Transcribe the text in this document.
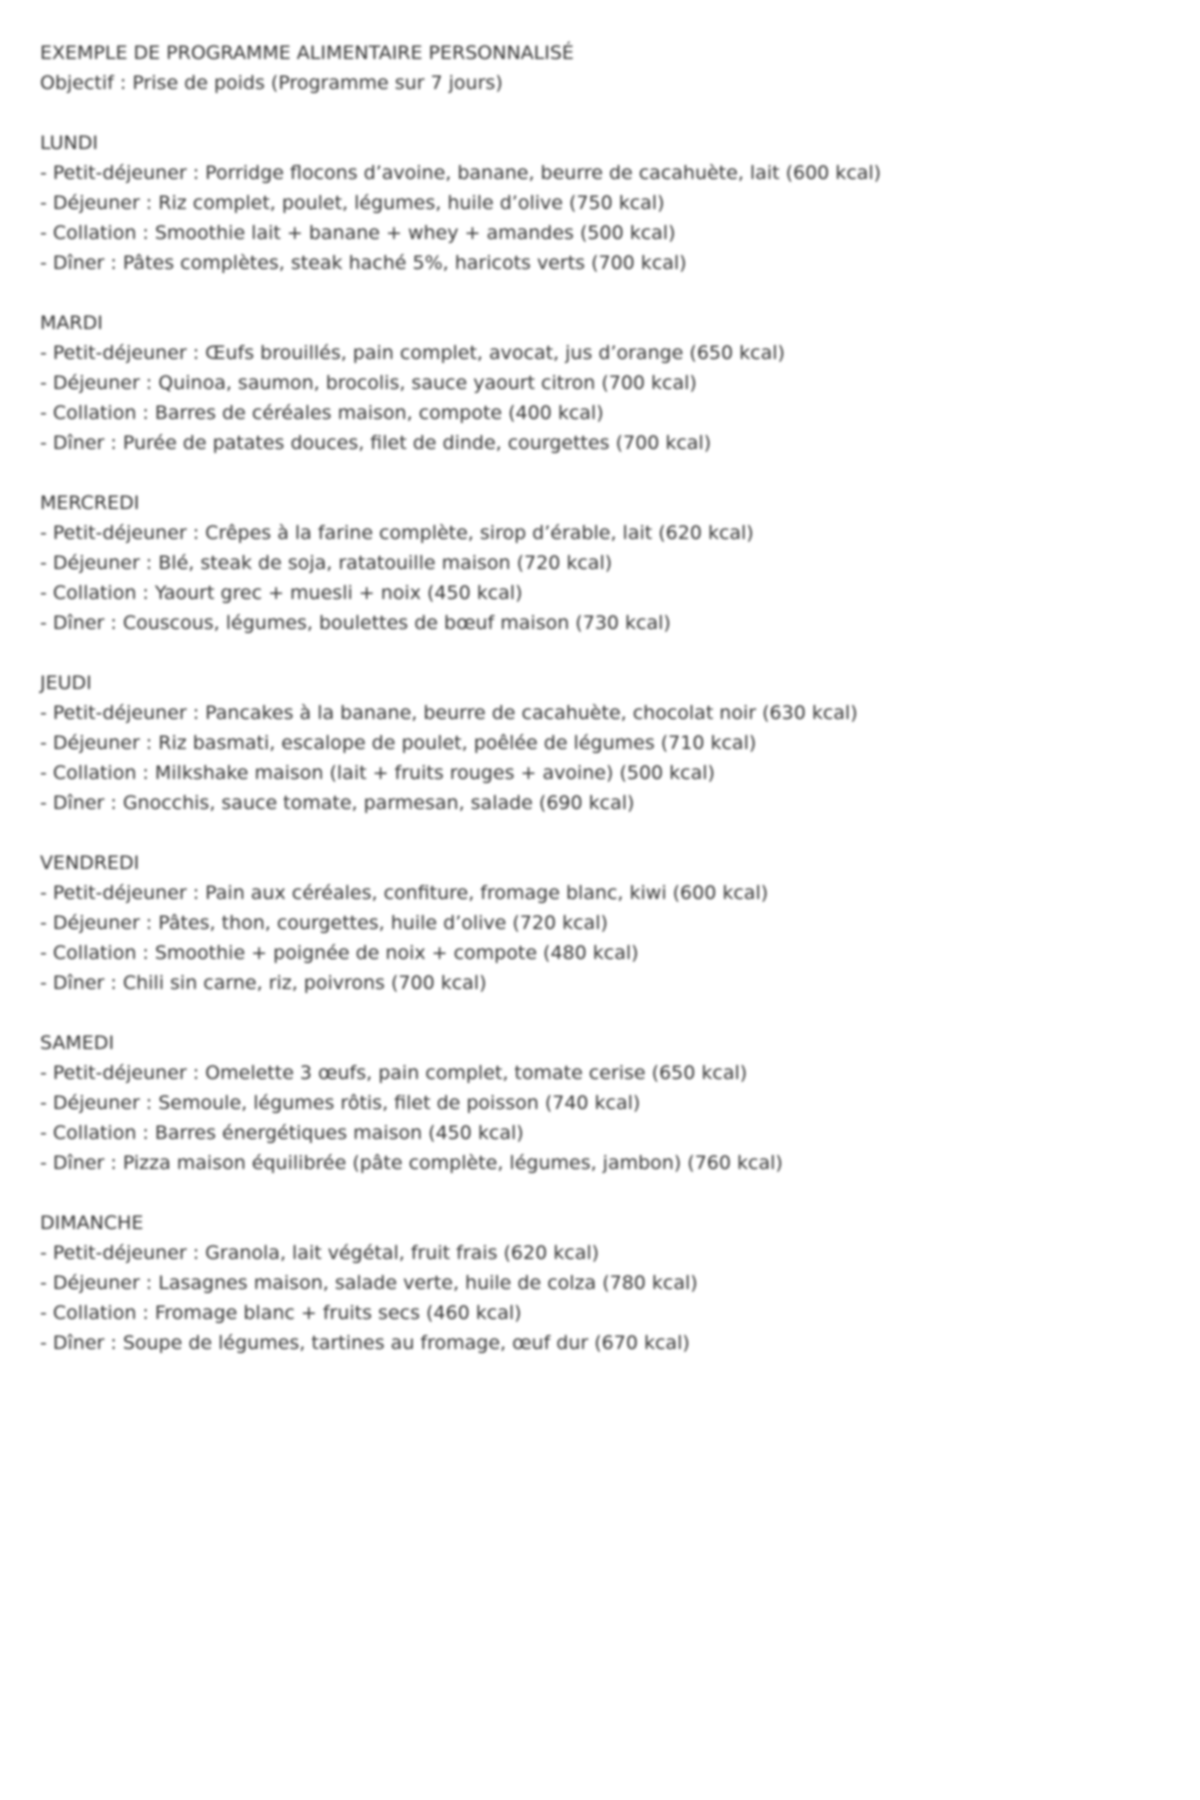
EXEMPLE DE PROGRAMME ALIMENTAIRE PERSONNALISÉ
Objectif : Prise de poids (Programme sur 7 jours)
LUNDI
- Petit-déjeuner : Porridge flocons d’avoine, banane, beurre de cacahuète, lait (600 kcal)
- Déjeuner : Riz complet, poulet, légumes, huile d’olive (750 kcal)
- Collation : Smoothie lait + banane + whey + amandes (500 kcal)
- Dîner : Pâtes complètes, steak haché 5%, haricots verts (700 kcal)
MARDI
- Petit-déjeuner : Œufs brouillés, pain complet, avocat, jus d’orange (650 kcal)
- Déjeuner : Quinoa, saumon, brocolis, sauce yaourt citron (700 kcal)
- Collation : Barres de céréales maison, compote (400 kcal)
- Dîner : Purée de patates douces, filet de dinde, courgettes (700 kcal)
MERCREDI
- Petit-déjeuner : Crêpes à la farine complète, sirop d’érable, lait (620 kcal)
- Déjeuner : Blé, steak de soja, ratatouille maison (720 kcal)
- Collation : Yaourt grec + muesli + noix (450 kcal)
- Dîner : Couscous, légumes, boulettes de bœuf maison (730 kcal)
JEUDI
- Petit-déjeuner : Pancakes à la banane, beurre de cacahuète, chocolat noir (630 kcal)
- Déjeuner : Riz basmati, escalope de poulet, poêlée de légumes (710 kcal)
- Collation : Milkshake maison (lait + fruits rouges + avoine) (500 kcal)
- Dîner : Gnocchis, sauce tomate, parmesan, salade (690 kcal)
VENDREDI
- Petit-déjeuner : Pain aux céréales, confiture, fromage blanc, kiwi (600 kcal)
- Déjeuner : Pâtes, thon, courgettes, huile d’olive (720 kcal)
- Collation : Smoothie + poignée de noix + compote (480 kcal)
- Dîner : Chili sin carne, riz, poivrons (700 kcal)
SAMEDI
- Petit-déjeuner : Omelette 3 œufs, pain complet, tomate cerise (650 kcal)
- Déjeuner : Semoule, légumes rôtis, filet de poisson (740 kcal)
- Collation : Barres énergétiques maison (450 kcal)
- Dîner : Pizza maison équilibrée (pâte complète, légumes, jambon) (760 kcal)
DIMANCHE
- Petit-déjeuner : Granola, lait végétal, fruit frais (620 kcal)
- Déjeuner : Lasagnes maison, salade verte, huile de colza (780 kcal)
- Collation : Fromage blanc + fruits secs (460 kcal)
- Dîner : Soupe de légumes, tartines au fromage, œuf dur (670 kcal)
